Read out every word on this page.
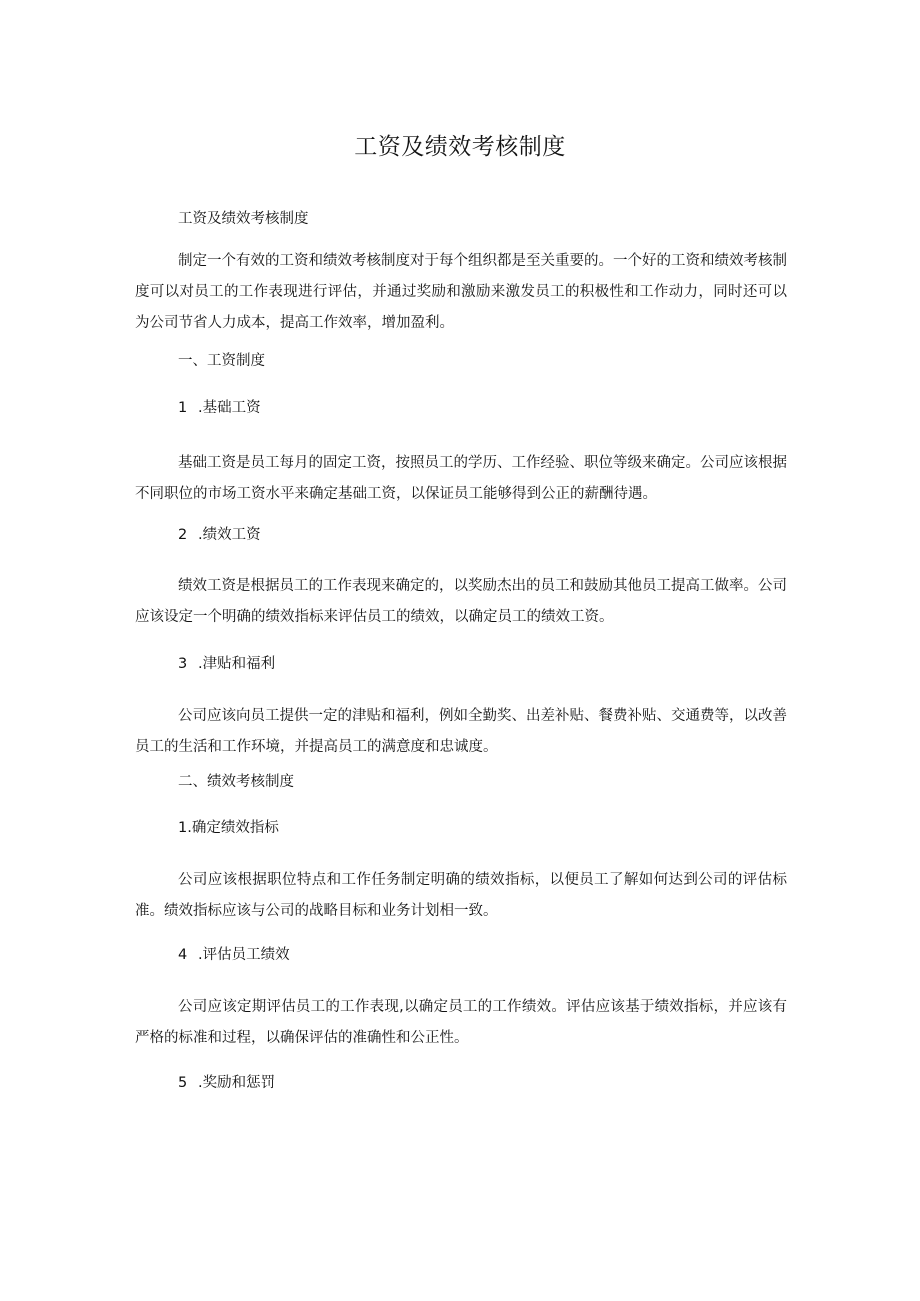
工资及绩效考核制度

工资及绩效考核制度

制定一个有效的工资和绩效考核制度对于每个组织都是至关重要的。一个好的工资和绩效考核制度可以对员工的工作表现进行评估，并通过奖励和激励来激发员工的积极性和工作动力，同时还可以为公司节省人力成本，提高工作效率，增加盈利。

一、工资制度

1 .基础工资

基础工资是员工每月的固定工资，按照员工的学历、工作经验、职位等级来确定。公司应该根据不同职位的市场工资水平来确定基础工资，以保证员工能够得到公正的薪酬待遇。

2 .绩效工资

绩效工资是根据员工的工作表现来确定的，以奖励杰出的员工和鼓励其他员工提高工做率。公司应该设定一个明确的绩效指标来评估员工的绩效，以确定员工的绩效工资。

3 .津贴和福利

公司应该向员工提供一定的津贴和福利，例如全勤奖、出差补贴、餐费补贴、交通费等，以改善员工的生活和工作环境，并提高员工的满意度和忠诚度。

二、绩效考核制度

1.确定绩效指标

公司应该根据职位特点和工作任务制定明确的绩效指标，以便员工了解如何达到公司的评估标准。绩效指标应该与公司的战略目标和业务计划相一致。

4 .评估员工绩效

公司应该定期评估员工的工作表现,以确定员工的工作绩效。评估应该基于绩效指标，并应该有严格的标准和过程，以确保评估的准确性和公正性。

5 .奖励和惩罚
